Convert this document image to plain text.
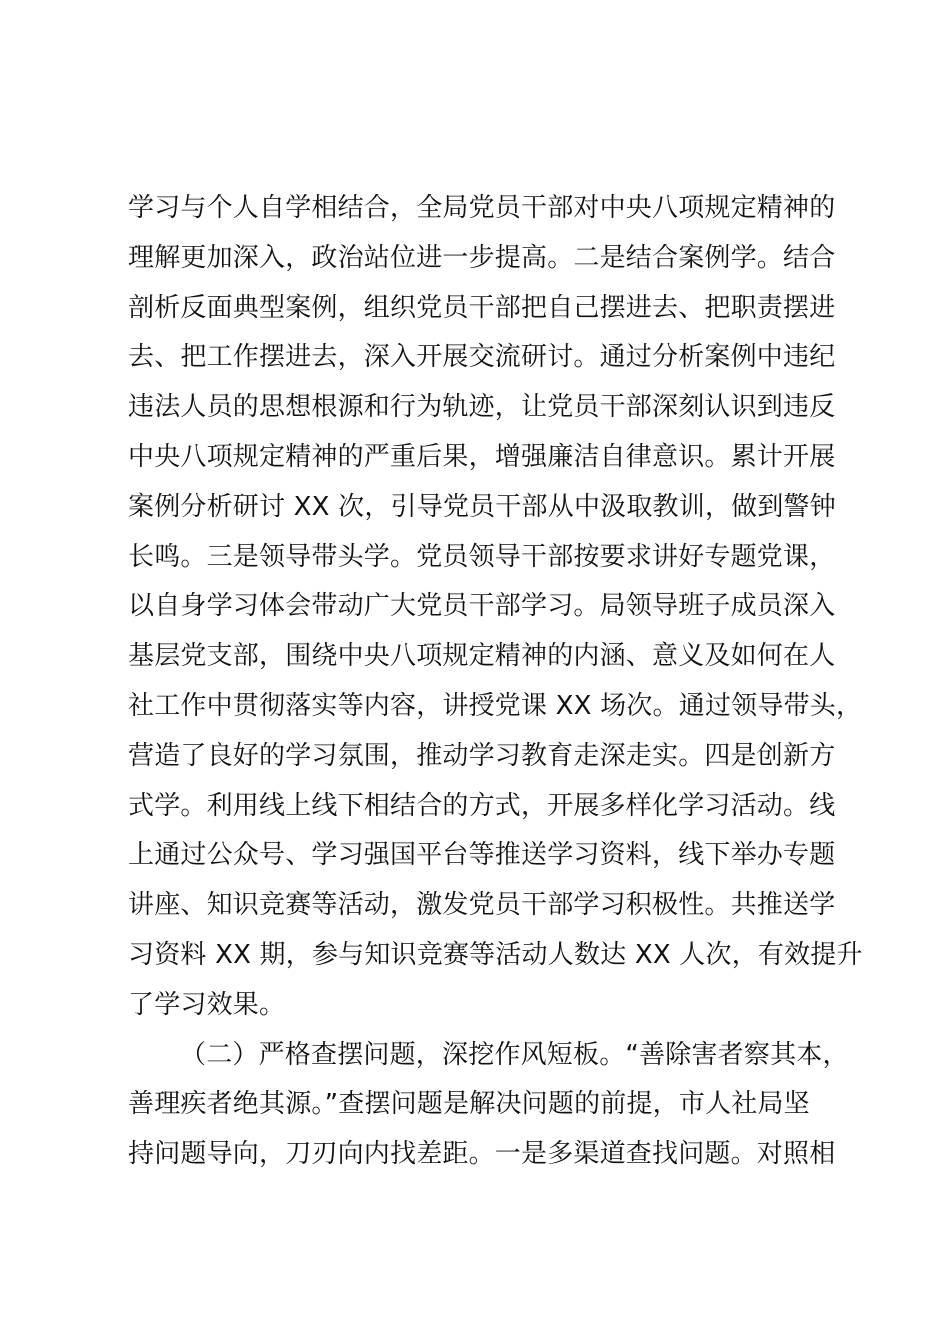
学习与个人自学相结合，全局党员干部对中央八项规定精神的
理解更加深入，政治站位进一步提高。二是结合案例学。结合
剖析反面典型案例，组织党员干部把自己摆进去、把职责摆进
去、把工作摆进去，深入开展交流研讨。通过分析案例中违纪
违法人员的思想根源和行为轨迹，让党员干部深刻认识到违反
中央八项规定精神的严重后果，增强廉洁自律意识。累计开展
案例分析研讨 XX 次，引导党员干部从中汲取教训，做到警钟
长鸣。三是领导带头学。党员领导干部按要求讲好专题党课，
以自身学习体会带动广大党员干部学习。局领导班子成员深入
基层党支部，围绕中央八项规定精神的内涵、意义及如何在人
社工作中贯彻落实等内容，讲授党课 XX 场次。通过领导带头，
营造了良好的学习氛围，推动学习教育走深走实。四是创新方
式学。利用线上线下相结合的方式，开展多样化学习活动。线
上通过公众号、学习强国平台等推送学习资料，线下举办专题
讲座、知识竞赛等活动，激发党员干部学习积极性。共推送学
习资料 XX 期，参与知识竞赛等活动人数达 XX 人次，有效提升
了学习效果。
（二）严格查摆问题，深挖作风短板。“善除害者察其本，
善理疾者绝其源。”查摆问题是解决问题的前提，市人社局坚
持问题导向，刀刃向内找差距。一是多渠道查找问题。对照相
